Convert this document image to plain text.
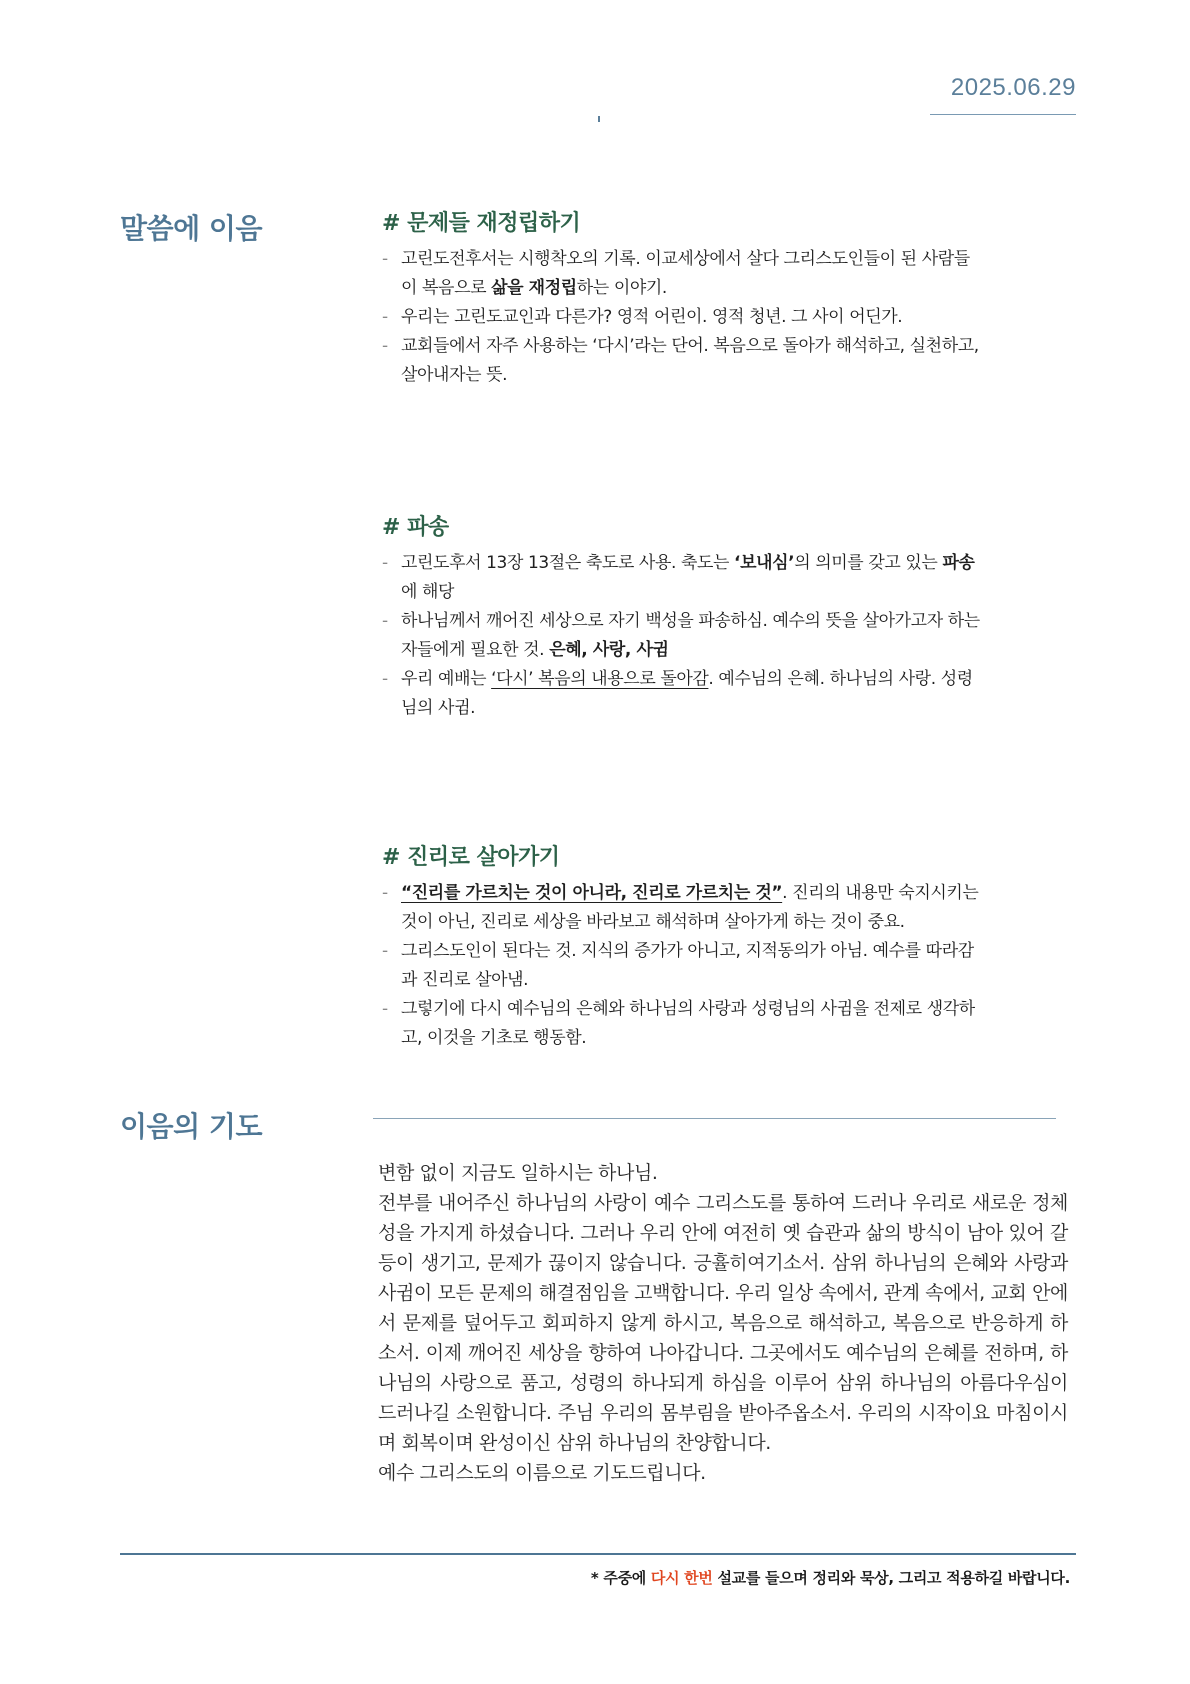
2025.06.29
말씀에 이음	# 문제들 재정립하기
- 고린도전후서는 시행착오의 기록. 이교세상에서 살다 그리스도인들이 된 사람들이 복음으로 삶을 재정립하는 이야기.
- 우리는 고린도교인과 다른가? 영적 어린이. 영적 청년. 그 사이 어딘가.
- 교회들에서 자주 사용하는 ‘다시’라는 단어. 복음으로 돌아가 해석하고, 실천하고, 살아내자는 뜻.
# 파송
- 고린도후서 13장 13절은 축도로 사용. 축도는 ‘보내심’의 의미를 갖고 있는 파송에 해당
- 하나님께서 깨어진 세상으로 자기 백성을 파송하심. 예수의 뜻을 살아가고자 하는 자들에게 필요한 것. 은혜, 사랑, 사귐
- 우리 예배는 ‘다시’ 복음의 내용으로 돌아감. 예수님의 은혜. 하나님의 사랑. 성령님의 사귐.
# 진리로 살아가기
- “진리를 가르치는 것이 아니라, 진리로 가르치는 것”. 진리의 내용만 숙지시키는 것이 아닌, 진리로 세상을 바라보고 해석하며 살아가게 하는 것이 중요.
- 그리스도인이 된다는 것. 지식의 증가가 아니고, 지적동의가 아님. 예수를 따라감과 진리로 살아냄.
- 그렇기에 다시 예수님의 은혜와 하나님의 사랑과 성령님의 사귐을 전제로 생각하고, 이것을 기초로 행동함.
이음의 기도

변함 없이 지금도 일하시는 하나님.

전부를 내어주신 하나님의 사랑이 예수 그리스도를 통하여 드러나 우리로 새로운 정체성을 가지게 하셨습니다. 그러나 우리 안에 여전히 옛 습관과 삶의 방식이 남아 있어 갈등이 생기고, 문제가 끊이지 않습니다. 긍휼히여기소서. 삼위 하나님의 은혜와 사랑과 사귐이 모든 문제의 해결점임을 고백합니다. 우리 일상 속에서, 관계 속에서, 교회 안에서 문제를 덮어두고 회피하지 않게 하시고, 복음으로 해석하고, 복음으로 반응하게 하소서. 이제 깨어진 세상을 향하여 나아갑니다. 그곳에서도 예수님의 은혜를 전하며, 하나님의 사랑으로 품고, 성령의 하나되게 하심을 이루어 삼위 하나님의 아름다우심이 드러나길 소원합니다. 주님 우리의 몸부림을 받아주옵소서. 우리의 시작이요 마침이시며 회복이며 완성이신 삼위 하나님의 찬양합니다.

예수 그리스도의 이름으로 기도드립니다.

* 주중에 다시 한번 설교를 들으며 정리와 묵상, 그리고 적용하길 바랍니다.
